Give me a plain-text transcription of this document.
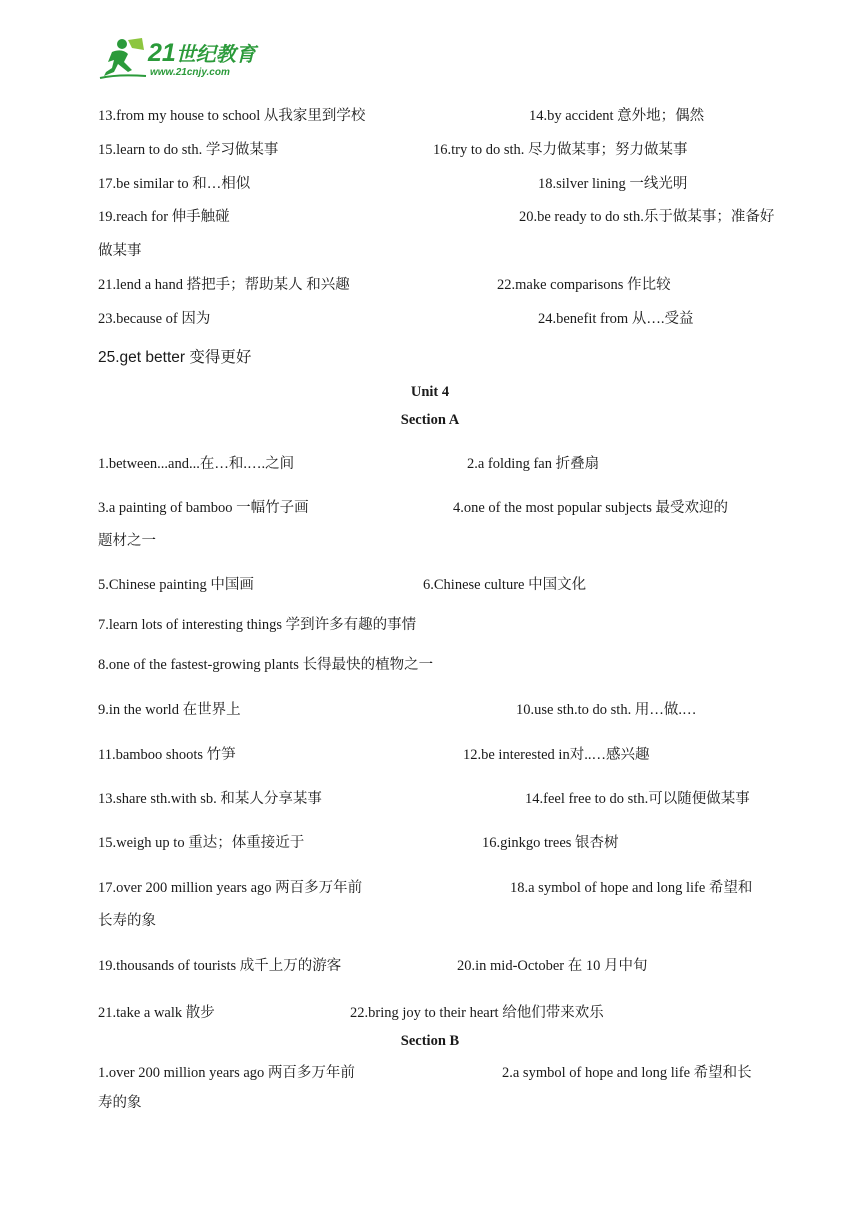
21世纪教育
www.21cnjy.com
13.from my house to school 从我家里到学校	14.by accident 意外地；偶然
15.learn to do sth. 学习做某事	16.try to do sth. 尽力做某事；努力做某事
17.be similar to 和…相似	18.silver lining 一线光明
19.reach for 伸手触碰	20.be ready to do sth.乐于做某事；准备好
做某事
21.lend a hand 搭把手；帮助某人 和兴趣	22.make comparisons 作比较
23.because of 因为	24.benefit from 从….受益
25.get better 变得更好
Unit 4
Section A
1.between...and...在…和.….之间	2.a folding fan 折叠扇
3.a painting of bamboo 一幅竹子画	4.one of the most popular subjects 最受欢迎的
题材之一
5.Chinese painting 中国画	6.Chinese culture 中国文化
7.learn lots of interesting things 学到许多有趣的事情
8.one of the fastest-growing plants 长得最快的植物之一
9.in the world 在世界上	10.use sth.to do sth. 用…做.…
11.bamboo shoots 竹笋	12.be interested in对..…感兴趣
13.share sth.with sb. 和某人分享某事	14.feel free to do sth.可以随便做某事
15.weigh up to 重达；体重接近于	16.ginkgo trees 银杏树
17.over 200 million years ago 两百多万年前	18.a symbol of hope and long life 希望和
长寿的象
19.thousands of tourists 成千上万的游客	20.in mid-October 在 10 月中旬
21.take a walk 散步	22.bring joy to their heart 给他们带来欢乐
Section B
1.over 200 million years ago 两百多万年前	2.a symbol of hope and long life 希望和长
寿的象
